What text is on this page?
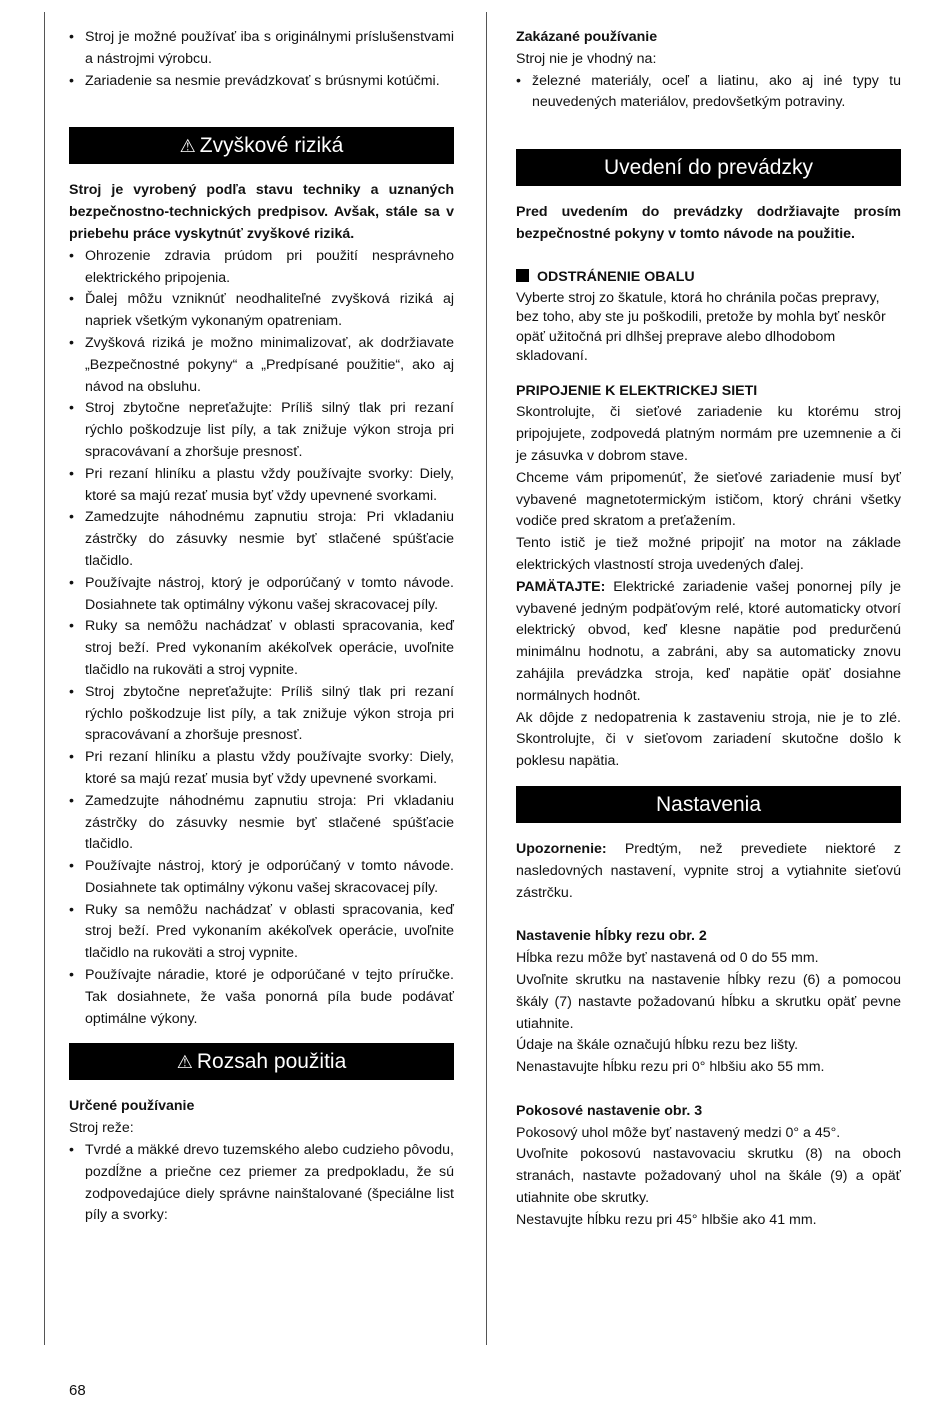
• Stroj je možné používať iba s originálnymi príslušenstvami a nástrojmi výrobcu.
• Zariadenie sa nesmie prevádzkovať s brúsnymi kotúčmi.
⚠ Zvyškové riziká

Stroj je vyrobený podľa stavu techniky a uznaných bezpečnostno-technických predpisov. Avšak, stále sa v priebehu práce vyskytnúť zvyškové riziká.

• Ohrozenie zdravia prúdom pri použití nesprávneho elektrického pripojenia.
• Ďalej môžu vzniknúť neodhaliteľné zvyšková riziká aj napriek všetkým vykonaným opatreniam.
• Zvyšková riziká je možno minimalizovať, ak dodržiavate „Bezpečnostné pokyny“ a „Predpísané použitie“, ako aj návod na obsluhu.
• Stroj zbytočne nepreťažujte: Príliš silný tlak pri rezaní rýchlo poškodzuje list píly, a tak znižuje výkon stroja pri spracovávaní a zhoršuje presnosť.
• Pri rezaní hliníku a plastu vždy používajte svorky: Diely, ktoré sa majú rezať musia byť vždy upevnené svorkami.
• Zamedzujte náhodnému zapnutiu stroja: Pri vkladaniu zástrčky do zásuvky nesmie byť stlačené spúšťacie tlačidlo.
• Používajte nástroj, ktorý je odporúčaný v tomto návode. Dosiahnete tak optimálny výkonu vašej skracovacej píly.
• Ruky sa nemôžu nachádzať v oblasti spracovania, keď stroj beží. Pred vykonaním akékoľvek operácie, uvoľnite tlačidlo na rukoväti a stroj vypnite.
• Stroj zbytočne nepreťažujte: Príliš silný tlak pri rezaní rýchlo poškodzuje list píly, a tak znižuje výkon stroja pri spracovávaní a zhoršuje presnosť.
• Pri rezaní hliníku a plastu vždy používajte svorky: Diely, ktoré sa majú rezať musia byť vždy upevnené svorkami.
• Zamedzujte náhodnému zapnutiu stroja: Pri vkladaniu zástrčky do zásuvky nesmie byť stlačené spúšťacie tlačidlo.
• Používajte nástroj, ktorý je odporúčaný v tomto návode. Dosiahnete tak optimálny výkonu vašej skracovacej píly.
• Ruky sa nemôžu nachádzať v oblasti spracovania, keď stroj beží. Pred vykonaním akékoľvek operácie, uvoľnite tlačidlo na rukoväti a stroj vypnite.
• Používajte náradie, ktoré je odporúčané v tejto príručke. Tak dosiahnete, že vaša ponorná píla bude podávať optimálne výkony.
⚠ Rozsah použitia

Určené používanie

Stroj reže:

• Tvrdé a mäkké drevo tuzemského alebo cudzieho pôvodu, pozdĺžne a priečne cez priemer za predpokladu, že sú zodpovedajúce diely správne nainštalované (špeciálne list píly a svorky:

Zakázané používanie

Stroj nie je vhodný na:

• železné materiály, oceľ a liatinu, ako aj iné typy tu neuvedených materiálov, predovšetkým potraviny.
Uvedení do prevádzky

Pred uvedením do prevádzky dodržiavajte prosím bezpečnostné pokyny v tomto návode na použitie.

ODSTRÁNENIE OBALU

Vyberte stroj zo škatule, ktorá ho chránila počas prepravy, bez toho, aby ste ju poškodili, pretože by mohla byť neskôr opäť užitočná pri dlhšej preprave alebo dlhodobom skladovaní.

PRIPOJENIE K ELEKTRICKEJ SIETI

Skontrolujte, či sieťové zariadenie ku ktorému stroj pripojujete, zodpovedá platným normám pre uzemnenie a či je zásuvka v dobrom stave.

Chceme vám pripomenúť, že sieťové zariadenie musí byť vybavené magnetotermickým ističom, ktorý chráni všetky vodiče pred skratom a preťažením.

Tento istič je tiež možné pripojiť na motor na základe elektrických vlastností stroja uvedených ďalej.

PAMÄTAJTE: Elektrické zariadenie vašej ponornej píly je vybavené jedným podpäťovým relé, ktoré automaticky otvorí elektrický obvod, keď klesne napätie pod predurčenú minimálnu hodnotu, a zabráni, aby sa automaticky znovu zahájila prevádzka stroja, keď napätie opäť dosiahne normálnych hodnôt.

Ak dôjde z nedopatrenia k zastaveniu stroja, nie je to zlé. Skontrolujte, či v sieťovom zariadení skutočne došlo k poklesu napätia.

Nastavenia

Upozornenie: Predtým, než prevediete niektoré z nasledovných nastavení, vypnite stroj a vytiahnite sieťovú zástrčku.

Nastavenie hĺbky rezu obr. 2

Hĺbka rezu môže byť nastavená od 0 do 55 mm.

Uvoľnite skrutku na nastavenie hĺbky rezu (6) a pomocou škály (7) nastavte požadovanú hĺbku a skrutku opäť pevne utiahnite.

Údaje na škále označujú hĺbku rezu bez lišty.

Nenastavujte hĺbku rezu pri 0° hlbšiu ako 55 mm.

Pokosové nastavenie obr. 3

Pokosový uhol môže byť nastavený medzi 0° a 45°.

Uvoľnite pokosovú nastavovaciu skrutku (8) na oboch stranách, nastavte požadovaný uhol na škále (9) a opäť utiahnite obe skrutky.

Nestavujte hĺbku rezu pri 45° hlbšie ako 41 mm.

68
